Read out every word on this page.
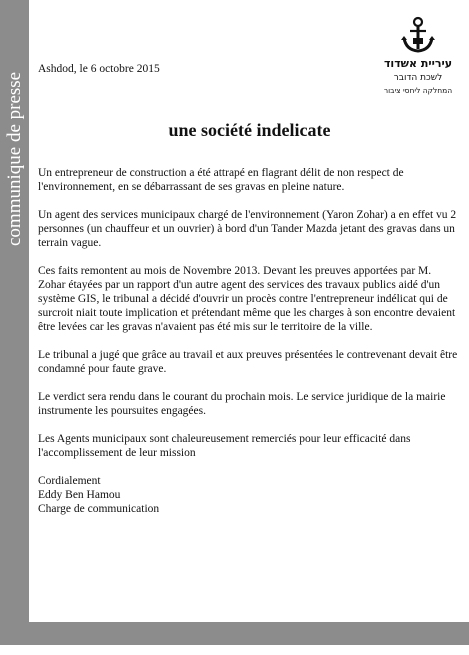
communique de presse
Ashdod, le 6 octobre 2015	עיריית אשדוד
לשכת הדובר
המחלקה ליחסי ציבור
une société indelicate

Un entrepreneur de construction a été attrapé en flagrant délit de non respect de l'environnement, en se débarrassant de ses gravas en pleine nature.

Un agent des services municipaux chargé de l'environnement (Yaron Zohar) a en effet vu 2 personnes (un chauffeur et un ouvrier) à bord d'un Tander Mazda jetant des gravas dans un terrain vague.

Ces faits remontent au mois de Novembre 2013. Devant les preuves apportées par M. Zohar étayées par un rapport d'un autre agent des services des travaux publics aidé d'un système GIS, le tribunal a décidé d'ouvrir un procès contre l'entrepreneur indélicat qui de surcroit niait toute implication et prétendant même que les charges à son encontre devaient être levées car les gravas n'avaient pas été mis sur le territoire de la ville.

Le tribunal a jugé que grâce au travail et aux preuves présentées le contrevenant devait être condamné pour faute grave.

Le verdict sera rendu dans le courant du prochain mois. Le service juridique de la mairie instrumente les poursuites engagées.

Les Agents municipaux sont chaleureusement remerciés pour leur efficacité dans l'accomplissement de leur mission

Cordialement
Eddy Ben Hamou
Charge de communication
